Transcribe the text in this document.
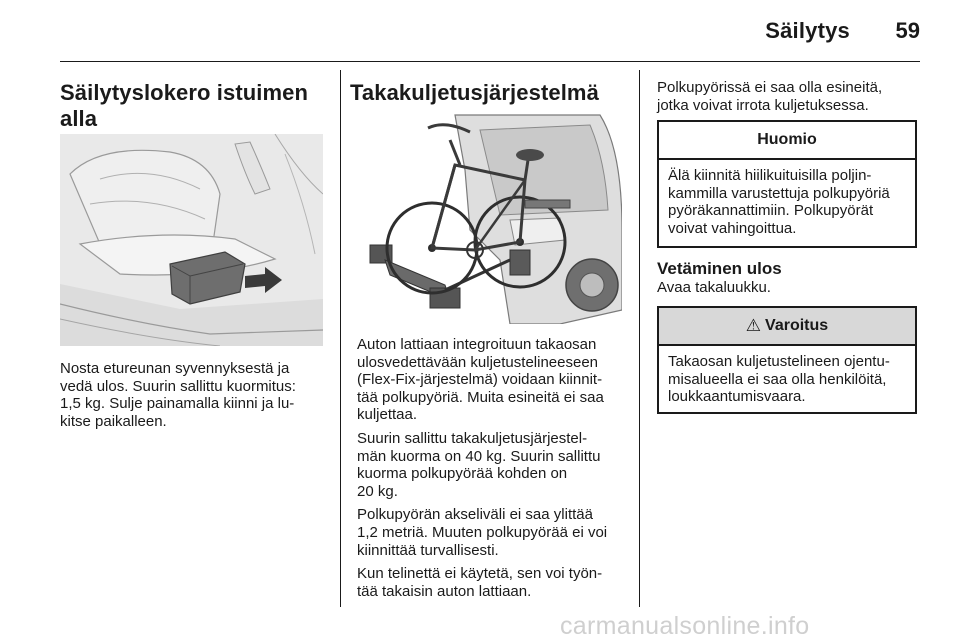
Säilytys	59
Säilytyslokero istuimen
alla

Nosta etureunan syvennyksestä ja
vedä ulos. Suurin sallittu kuormitus:
1,5 kg. Sulje painamalla kiinni ja lu-
kitse paikalleen.

Takakuljetusjärjestelmä

Auton lattiaan integroituun takaosan
ulosvedettävään kuljetustelineeseen
(Flex-Fix-järjestelmä) voidaan kiinnit-
tää polkupyöriä. Muita esineitä ei saa
kuljettaa.

Suurin sallittu takakuljetusjärjestel-
män kuorma on 40 kg. Suurin sallittu
kuorma polkupyörää kohden on
20 kg.

Polkupyörän akseliväli ei saa ylittää
1,2 metriä. Muuten polkupyörää ei voi
kiinnittää turvallisesti.

Kun telinettä ei käytetä, sen voi työn-
tää takaisin auton lattiaan.

Polkupyörissä ei saa olla esineitä,
jotka voivat irrota kuljetuksessa.

Huomio
Älä kiinnitä hiilikuituisilla poljin-
kammilla varustettuja polkupyöriä
pyöräkannattimiin. Polkupyörät
voivat vahingoittua.
Vetäminen ulos

Avaa takaluukku.

⚠ Varoitus
Takaosan kuljetustelineen ojentu-
misalueella ei saa olla henkilöitä,
loukkaantumisvaara.
carmanualsonline.info
